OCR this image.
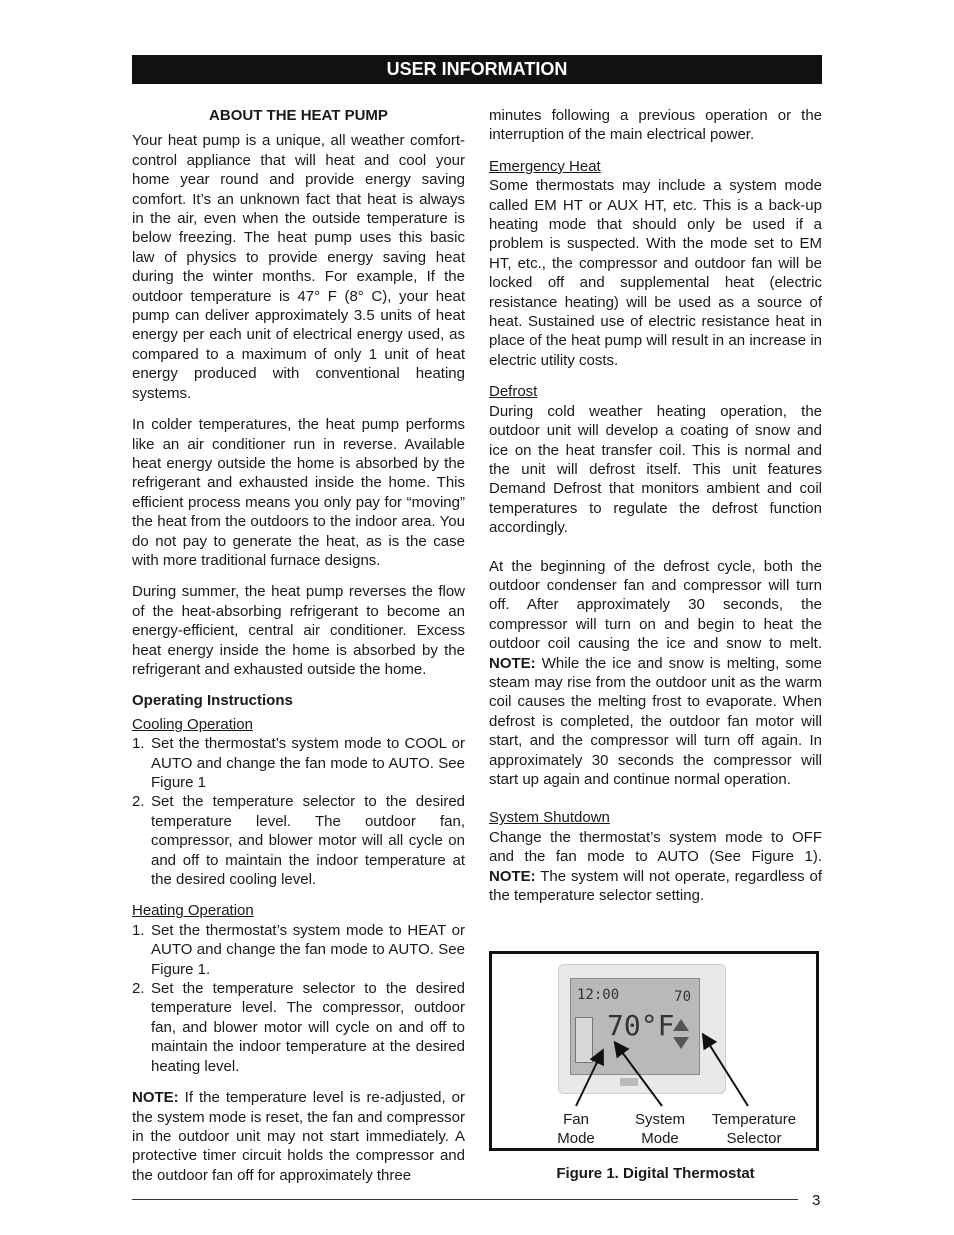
USER INFORMATION
ABOUT THE HEAT PUMP

Your heat pump is a unique, all weather comfort-control appliance that will heat and cool your home year round and provide energy saving comfort. It’s an unknown fact that heat is always in the air, even when the outside temperature is below freezing. The heat pump uses this basic law of physics to provide energy saving heat during the winter months. For example, If the outdoor temperature is 47° F (8° C), your heat pump can deliver approximately 3.5 units of heat energy per each unit of electrical energy used, as compared to a maximum of only 1 unit of heat energy produced with conventional heating systems.

In colder temperatures, the heat pump performs like an air conditioner run in reverse. Available heat energy outside the home is absorbed by the refrigerant and exhausted inside the home. This efficient process means you only pay for “moving” the heat from the outdoors to the indoor area. You do not pay to generate the heat, as is the case with more traditional furnace designs.

During summer, the heat pump reverses the flow of the heat-absorbing refrigerant to become an energy-efficient, central air conditioner. Excess heat energy inside the home is absorbed by the refrigerant and exhausted outside the home.

Operating Instructions
Cooling Operation
1. Set the thermostat’s system mode to COOL or AUTO and change the fan mode to AUTO. See Figure 1
2. Set the temperature selector to the desired temperature level. The outdoor fan, compressor, and blower motor will all cycle on and off to maintain the indoor temperature at the desired cooling level.
Heating Operation
1. Set the thermostat’s system mode to HEAT or AUTO and change the fan mode to AUTO. See Figure 1.
2. Set the temperature selector to the desired temperature level. The compressor, outdoor fan, and blower motor will cycle on and off to maintain the indoor temperature at the desired heating level.

NOTE: If the temperature level is re-adjusted, or the system mode is reset, the fan and compressor in the outdoor unit may not start immediately. A protective timer circuit holds the compressor and the outdoor fan off for approximately three

minutes following a previous operation or the interruption of the main electrical power.

Emergency Heat

Some thermostats may include a system mode called EM HT or AUX HT, etc. This is a back-up heating mode that should only be used if a problem is suspected. With the mode set to EM HT, etc., the compressor and outdoor fan will be locked off and supplemental heat (electric resistance heating) will be used as a source of heat. Sustained use of electric resistance heat in place of the heat pump will result in an increase in electric utility costs.

Defrost

During cold weather heating operation, the outdoor unit will develop a coating of snow and ice on the heat transfer coil. This is normal and the unit will defrost itself. This unit features Demand Defrost that monitors ambient and coil temperatures to regulate the defrost function accordingly.

At the beginning of the defrost cycle, both the outdoor condenser fan and compressor will turn off. After approximately 30 seconds, the compressor will turn on and begin to heat the outdoor coil causing the ice and snow to melt. NOTE: While the ice and snow is melting, some steam may rise from the outdoor unit as the warm coil causes the melting frost to evaporate. When defrost is completed, the outdoor fan motor will start, and the compressor will turn off again. In approximately 30 seconds the compressor will start up again and continue normal operation.

System Shutdown

Change the thermostat’s system mode to OFF and the fan mode to AUTO (See Figure 1). NOTE: The system will not operate, regardless of the temperature selector setting.

12:00	70
70°F
Fan
Mode
System
Mode
Temperature
Selector
Figure 1. Digital Thermostat
3
